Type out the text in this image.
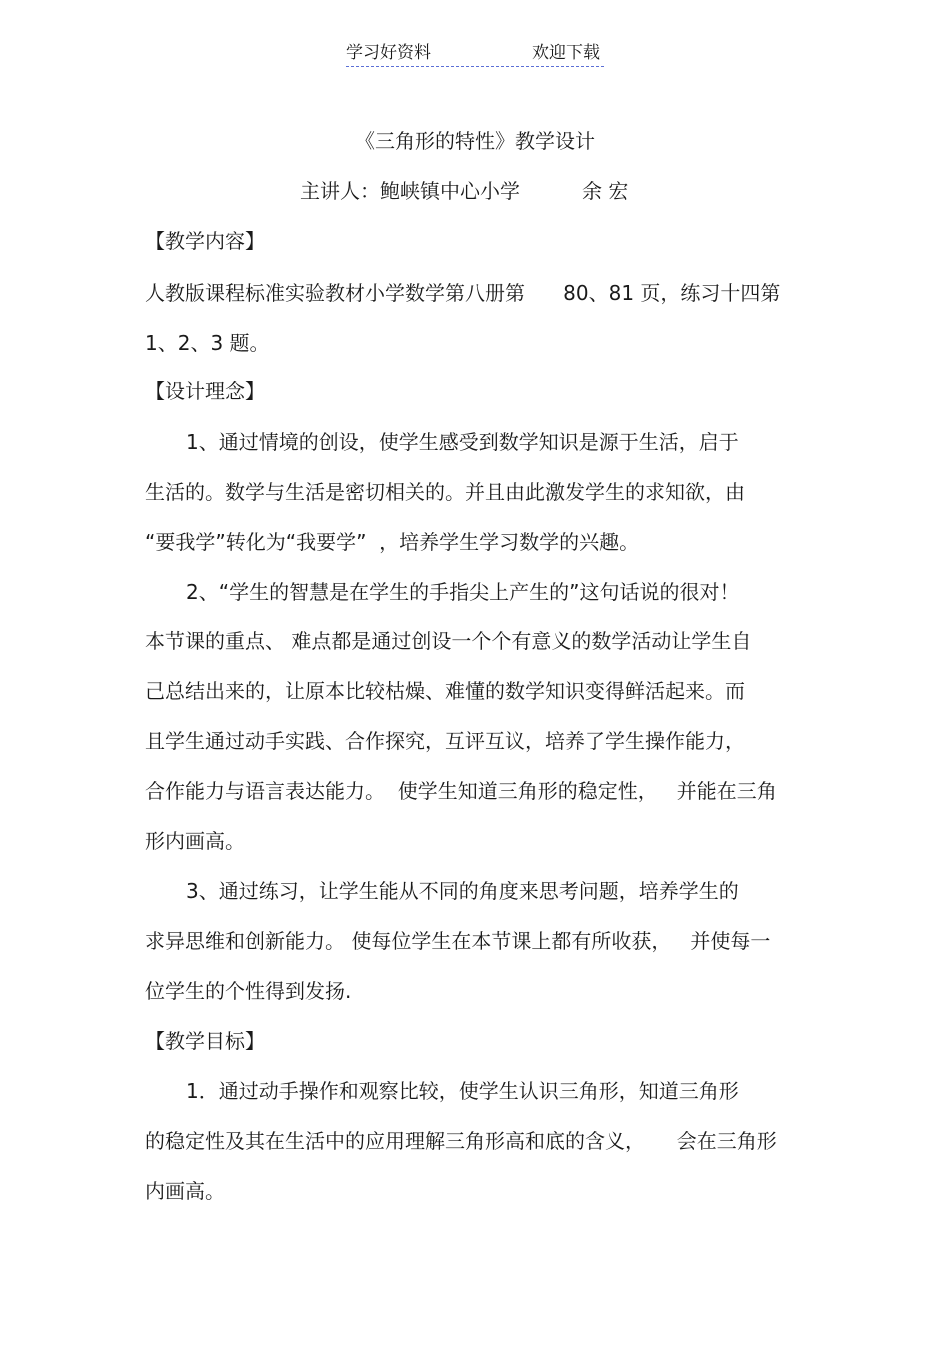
学习好资料	欢迎下载
《三角形的特性》教学设计
主讲人：鲍峡镇中心小学	余 宏
【教学内容】
人教版课程标准实验教材小学数学第八册第      80、81 页，练习十四第
1、2、3 题。
【设计理念】
1、通过情境的创设，使学生感受到数学知识是源于生活，启于
生活的。数学与生活是密切相关的。并且由此激发学生的求知欲，由
“要我学”转化为“我要学”  ，培养学生学习数学的兴趣。
2、“学生的智慧是在学生的手指尖上产生的”这句话说的很对！
本节课的重点、 难点都是通过创设一个个有意义的数学活动让学生自
己总结出来的，让原本比较枯燥、难懂的数学知识变得鲜活起来。而
且学生通过动手实践、合作探究，互评互议，培养了学生操作能力，
合作能力与语言表达能力。  使学生知道三角形的稳定性，   并能在三角
形内画高。
3、通过练习，让学生能从不同的角度来思考问题，培养学生的
求异思维和创新能力。 使每位学生在本节课上都有所收获，   并使每一
位学生的个性得到发扬.
【教学目标】
1．通过动手操作和观察比较，使学生认识三角形，知道三角形
的稳定性及其在生活中的应用理解三角形高和底的含义，     会在三角形
内画高。
